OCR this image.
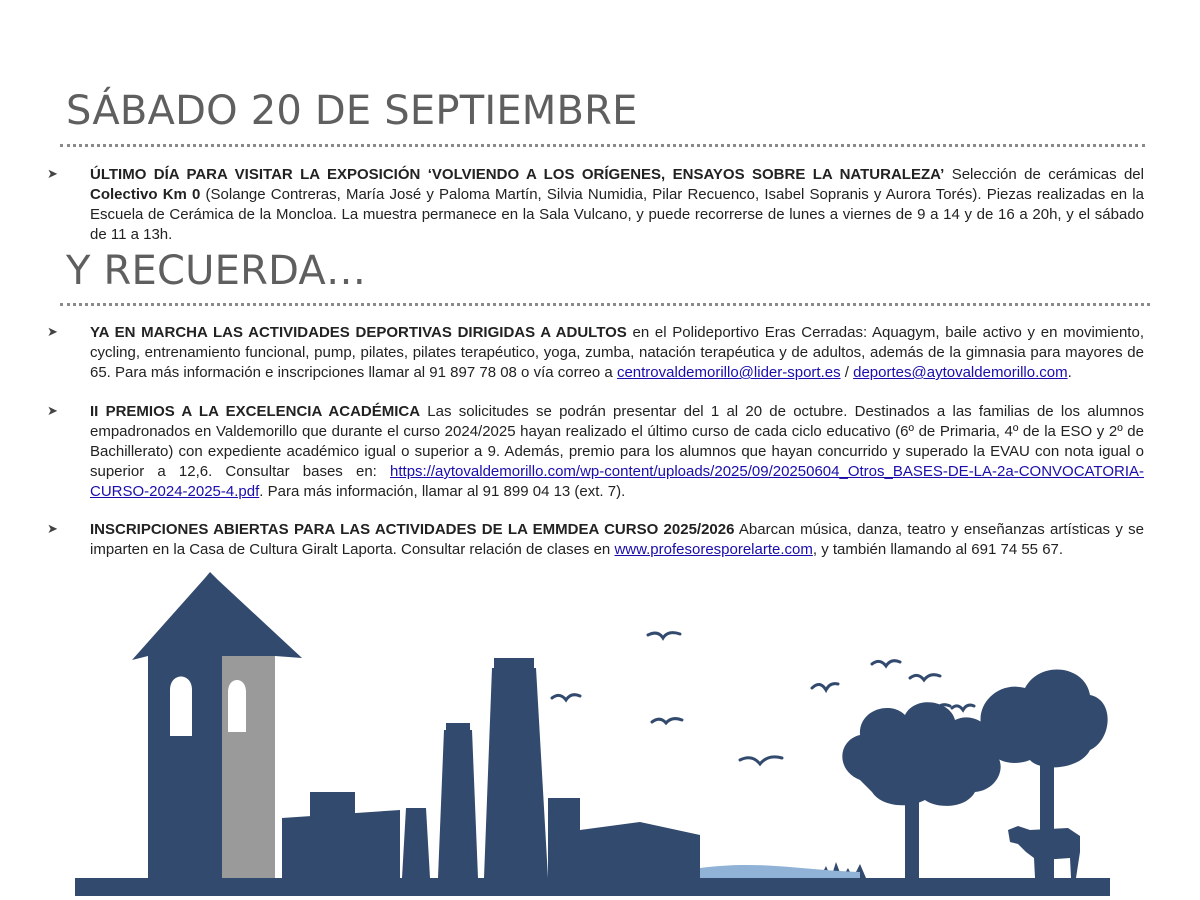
SÁBADO 20 DE SEPTIEMBRE
➤ ÚLTIMO DÍA PARA VISITAR LA EXPOSICIÓN ‘VOLVIENDO A LOS ORÍGENES, ENSAYOS SOBRE LA NATURALEZA’ Selección de cerámicas del Colectivo Km 0 (Solange Contreras, María José y Paloma Martín, Silvia Numidia, Pilar Recuenco, Isabel Sopranis y Aurora Torés). Piezas realizadas en la Escuela de Cerámica de la Moncloa. La muestra permanece en la Sala Vulcano, y puede recorrerse de lunes a viernes de 9 a 14 y de 16 a 20h, y el sábado de 11 a 13h.
Y RECUERDA…
➤ YA EN MARCHA LAS ACTIVIDADES DEPORTIVAS DIRIGIDAS A ADULTOS en el Polideportivo Eras Cerradas: Aquagym, baile activo y en movimiento, cycling, entrenamiento funcional, pump, pilates, pilates terapéutico, yoga, zumba, natación terapéutica y de adultos, además de la gimnasia para mayores de 65. Para más información e inscripciones llamar al 91 897 78 08 o vía correo a centrovaldemorillo@lider-sport.es / deportes@aytovaldemorillo.com.
➤ II PREMIOS A LA EXCELENCIA ACADÉMICA Las solicitudes se podrán presentar del 1 al 20 de octubre. Destinados a las familias de los alumnos empadronados en Valdemorillo que durante el curso 2024/2025 hayan realizado el último curso de cada ciclo educativo (6º de Primaria, 4º de la ESO y 2º de Bachillerato) con expediente académico igual o superior a 9. Además, premio para los alumnos que hayan concurrido y superado la EVAU con nota igual o superior a 12,6. Consultar bases en: https://aytovaldemorillo.com/wp-content/uploads/2025/09/20250604_Otros_BASES-DE-LA-2a-CONVOCATORIA-CURSO-2024-2025-4.pdf. Para más información, llamar al 91 899 04 13 (ext. 7).
➤ INSCRIPCIONES ABIERTAS PARA LAS ACTIVIDADES DE LA EMMDEA CURSO 2025/2026 Abarcan música, danza, teatro y enseñanzas artísticas y se imparten en la Casa de Cultura Giralt Laporta. Consultar relación de clases en www.profesoresporelarte.com, y también llamando al 691 74 55 67.
